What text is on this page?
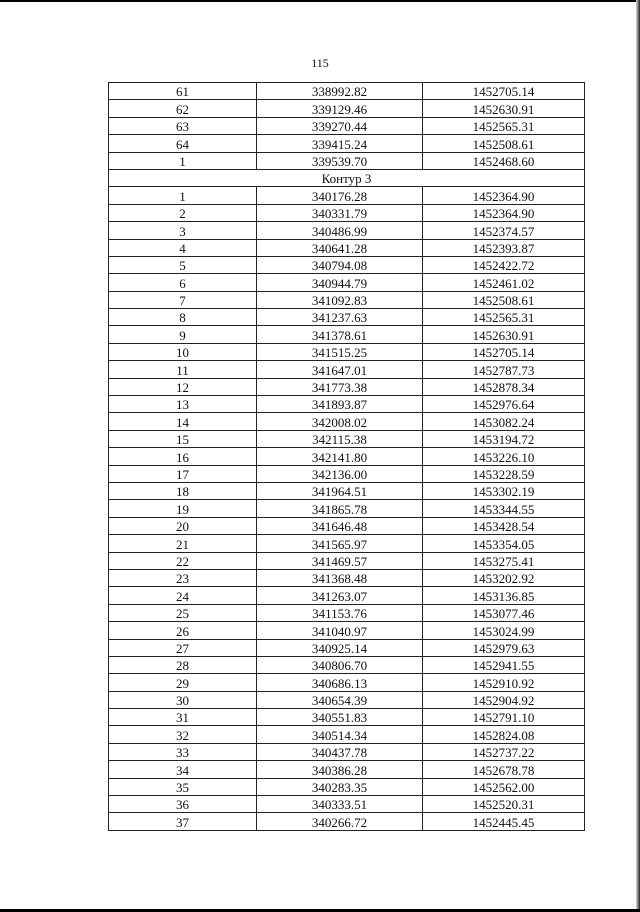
115
61	338992.82	1452705.14
62	339129.46	1452630.91
63	339270.44	1452565.31
64	339415.24	1452508.61
1	339539.70	1452468.60
Контур 3		
1	340176.28	1452364.90
2	340331.79	1452364.90
3	340486.99	1452374.57
4	340641.28	1452393.87
5	340794.08	1452422.72
6	340944.79	1452461.02
7	341092.83	1452508.61
8	341237.63	1452565.31
9	341378.61	1452630.91
10	341515.25	1452705.14
11	341647.01	1452787.73
12	341773.38	1452878.34
13	341893.87	1452976.64
14	342008.02	1453082.24
15	342115.38	1453194.72
16	342141.80	1453226.10
17	342136.00	1453228.59
18	341964.51	1453302.19
19	341865.78	1453344.55
20	341646.48	1453428.54
21	341565.97	1453354.05
22	341469.57	1453275.41
23	341368.48	1453202.92
24	341263.07	1453136.85
25	341153.76	1453077.46
26	341040.97	1453024.99
27	340925.14	1452979.63
28	340806.70	1452941.55
29	340686.13	1452910.92
30	340654.39	1452904.92
31	340551.83	1452791.10
32	340514.34	1452824.08
33	340437.78	1452737.22
34	340386.28	1452678.78
35	340283.35	1452562.00
36	340333.51	1452520.31
37	340266.72	1452445.45
